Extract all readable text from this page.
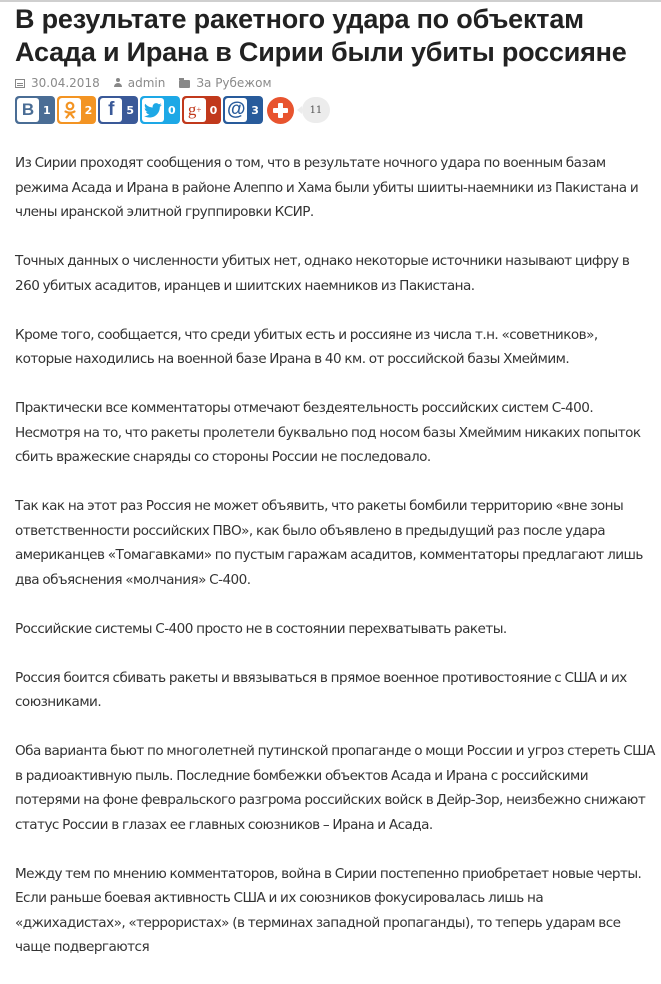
В результате ракетного удара по объектам Асада и Ирана в Сирии были убиты россияне
30.04.2018 admin	За Рубежом
В 1	2 f	5	0 g + 0 @ 3	11

Из Сирии проходят сообщения о том, что в результате ночного удара по военным базам режима Асада и Ирана в районе Алеппо и Хама были убиты шииты-наемники из Пакистана и члены иранской элитной группировки КСИР.

Точных данных о численности убитых нет, однако некоторые источники называют цифру в 260 убитых асадитов, иранцев и шиитских наемников из Пакистана.

Кроме того, сообщается, что среди убитых есть и россияне из числа т.н. «советников», которые находились на военной базе Ирана в 40 км. от российской базы Хмеймим.

Практически все комментаторы отмечают бездеятельность российских систем С-400. Несмотря на то, что ракеты пролетели буквально под носом базы Хмеймим никаких попыток сбить вражеские снаряды со стороны России не последовало.

Так как на этот раз Россия не может объявить, что ракеты бомбили территорию «вне зоны ответственности российских ПВО», как было объявлено в предыдущий раз после удара американцев «Томагавками» по пустым гаражам асадитов, комментаторы предлагают лишь два объяснения «молчания» С-400.

Российские системы С-400 просто не в состоянии перехватывать ракеты.

Россия боится сбивать ракеты и ввязываться в прямое военное противостояние с США и их союзниками.

Оба варианта бьют по многолетней путинской пропаганде о мощи России и угроз стереть США в радиоактивную пыль. Последние бомбежки объектов Асада и Ирана с российскими потерями на фоне февральского разгрома российских войск в Дейр-Зор, неизбежно снижают статус России в глазах ее главных союзников – Ирана и Асада.

Между тем по мнению комментаторов, война в Сирии постепенно приобретает новые черты. Если раньше боевая активность США и их союзников фокусировалась лишь на «джихадистах», «террористах» (в терминах западной пропаганды), то теперь ударам все чаще подвергаются
